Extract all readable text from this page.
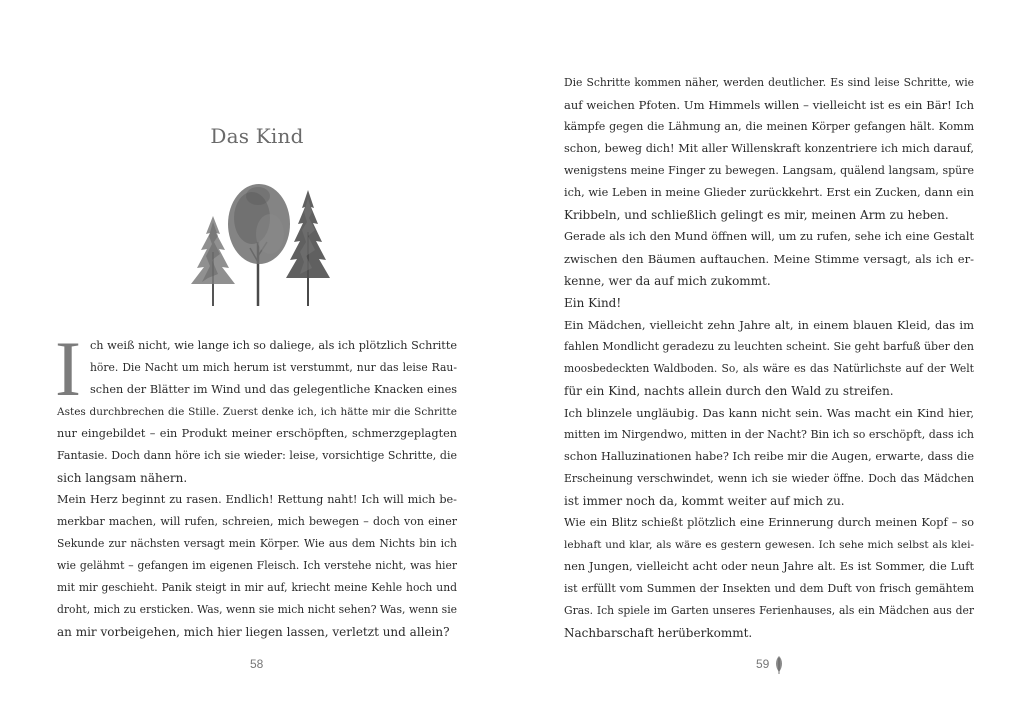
Das Kind
I ch weiß nicht, wie lange ich so daliege, als ich plötzlich Schritte
höre. Die Nacht um mich herum ist verstummt, nur das leise Rau-
schen der Blätter im Wind und das gelegentliche Knacken eines
Astes durchbrechen die Stille. Zuerst denke ich, ich hätte mir die Schritte
nur eingebildet – ein Produkt meiner erschöpften, schmerzgeplagten
Fantasie. Doch dann höre ich sie wieder: leise, vorsichtige Schritte, die
sich langsam nähern.
Mein Herz beginnt zu rasen. Endlich! Rettung naht! Ich will mich be-
merkbar machen, will rufen, schreien, mich bewegen – doch von einer
Sekunde zur nächsten versagt mein Körper. Wie aus dem Nichts bin ich
wie gelähmt – gefangen im eigenen Fleisch. Ich verstehe nicht, was hier
mit mir geschieht. Panik steigt in mir auf, kriecht meine Kehle hoch und
droht, mich zu ersticken. Was, wenn sie mich nicht sehen? Was, wenn sie
an mir vorbeigehen, mich hier liegen lassen, verletzt und allein?
58
Die Schritte kommen näher, werden deutlicher. Es sind leise Schritte, wie
auf weichen Pfoten. Um Himmels willen – vielleicht ist es ein Bär! Ich
kämpfe gegen die Lähmung an, die meinen Körper gefangen hält. Komm
schon, beweg dich! Mit aller Willenskraft konzentriere ich mich darauf,
wenigstens meine Finger zu bewegen. Langsam, quälend langsam, spüre
ich, wie Leben in meine Glieder zurückkehrt. Erst ein Zucken, dann ein
Kribbeln, und schließlich gelingt es mir, meinen Arm zu heben.
Gerade als ich den Mund öffnen will, um zu rufen, sehe ich eine Gestalt
zwischen den Bäumen auftauchen. Meine Stimme versagt, als ich er-
kenne, wer da auf mich zukommt.
Ein Kind!
Ein Mädchen, vielleicht zehn Jahre alt, in einem blauen Kleid, das im
fahlen Mondlicht geradezu zu leuchten scheint. Sie geht barfuß über den
moosbedeckten Waldboden. So, als wäre es das Natürlichste auf der Welt
für ein Kind, nachts allein durch den Wald zu streifen.
Ich blinzele ungläubig. Das kann nicht sein. Was macht ein Kind hier,
mitten im Nirgendwo, mitten in der Nacht? Bin ich so erschöpft, dass ich
schon Halluzinationen habe? Ich reibe mir die Augen, erwarte, dass die
Erscheinung verschwindet, wenn ich sie wieder öffne. Doch das Mädchen
ist immer noch da, kommt weiter auf mich zu.
Wie ein Blitz schießt plötzlich eine Erinnerung durch meinen Kopf – so
lebhaft und klar, als wäre es gestern gewesen. Ich sehe mich selbst als klei-
nen Jungen, vielleicht acht oder neun Jahre alt. Es ist Sommer, die Luft
ist erfüllt vom Summen der Insekten und dem Duft von frisch gemähtem
Gras. Ich spiele im Garten unseres Ferienhauses, als ein Mädchen aus der
Nachbarschaft herüberkommt.
59
